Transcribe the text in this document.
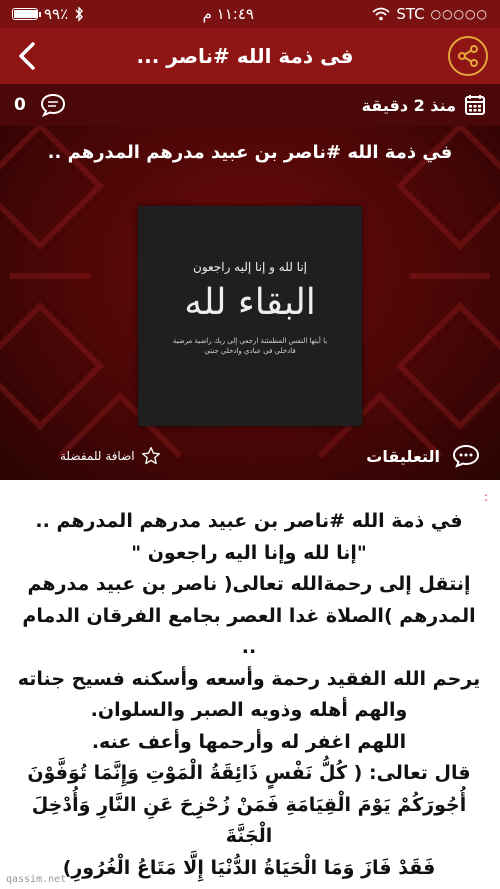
٩٩٪	١١:٤٩ م	STC ○○○○○
فى ذمة الله #ناصر ...
0	منذ 2 دقيقة
في ذمة الله #ناصر بن عبيد مدرهم المدرهم ..
إنا لله و إنا إليه راجعون
البقاء لله
يا أيتها النفس المطمئنة ارجعي إلى ربك راضية مرضية
فادخلي في عبادي وادخلي جنتي
اضافة للمفضلة	التعليقات
:

في ذمة الله #ناصر بن عبيد مدرهم المدرهم ..

"إنا لله وإنا اليه راجعون "

إنتقل إلى رحمةالله تعالى( ناصر بن عبيد مدرهم

المدرهم )الصلاة غدا العصر بجامع الفرقان الدمام ..

يرحم الله الفقيد رحمة وأسعه وأسكنه فسيح جناته

والهم أهله وذويه الصبر والسلوان.

اللهم اغفر له وأرحمها وأعف عنه.

قال تعالى: ( كُلُّ نَفْسٍ ذَائِقَةُ الْمَوْتِ وَإِنَّمَا تُوَفَّوْنَ

أُجُورَكُمْ يَوْمَ الْقِيَامَةِ فَمَنْ زُحْزِحَ عَنِ النَّارِ وَأُدْخِلَ الْجَنَّةَ

فَقَدْ فَازَ وَمَا الْحَيَاةُ الدُّنْيَا إِلَّا مَتَاعُ الْغُرُورِ)

qassim.net
